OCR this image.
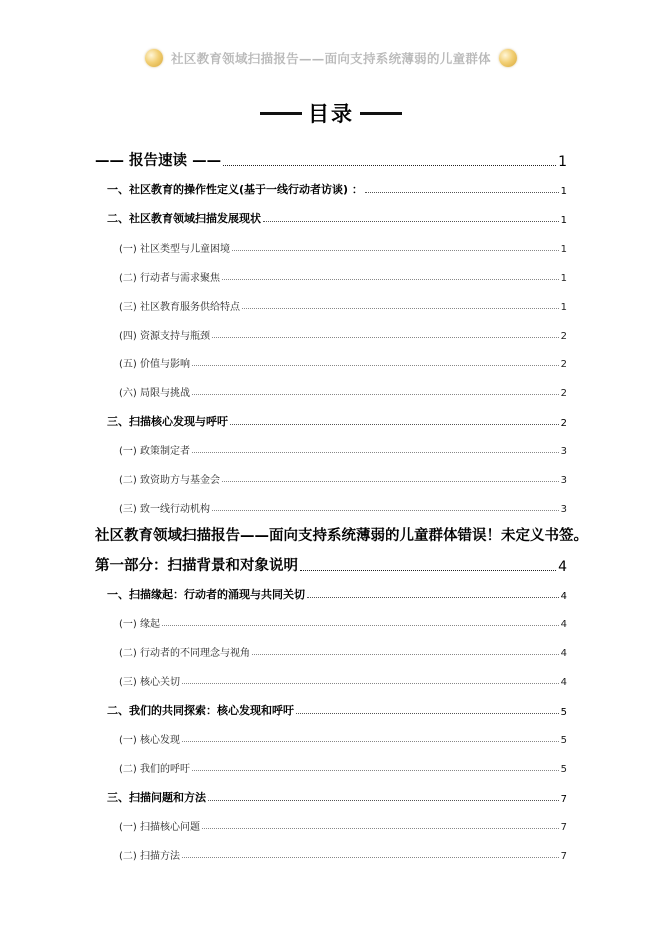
社区教育领域扫描报告——面向支持系统薄弱的儿童群体
目录
—— 报告速读 ——	1
一、社区教育的操作性定义(基于一线行动者访谈) ：	1
二、社区教育领域扫描发展现状	1
(一) 社区类型与儿童困境	1
(二) 行动者与需求聚焦	1
(三) 社区教育服务供给特点	1
(四) 资源支持与瓶颈	2
(五) 价值与影响	2
(六) 局限与挑战	2
三、扫描核心发现与呼吁	2
(一) 政策制定者	3
(二) 致资助方与基金会	3
(三) 致一线行动机构	3
社区教育领域扫描报告——面向支持系统薄弱的儿童群体错误！未定义书签。
第一部分：扫描背景和对象说明	4
一、扫描缘起：行动者的涌现与共同关切	4
(一) 缘起	4
(二) 行动者的不同理念与视角	4
(三) 核心关切	4
二、我们的共同探索：核心发现和呼吁	5
(一) 核心发现	5
(二) 我们的呼吁	5
三、扫描问题和方法	7
(一) 扫描核心问题	7
(二) 扫描方法	7
